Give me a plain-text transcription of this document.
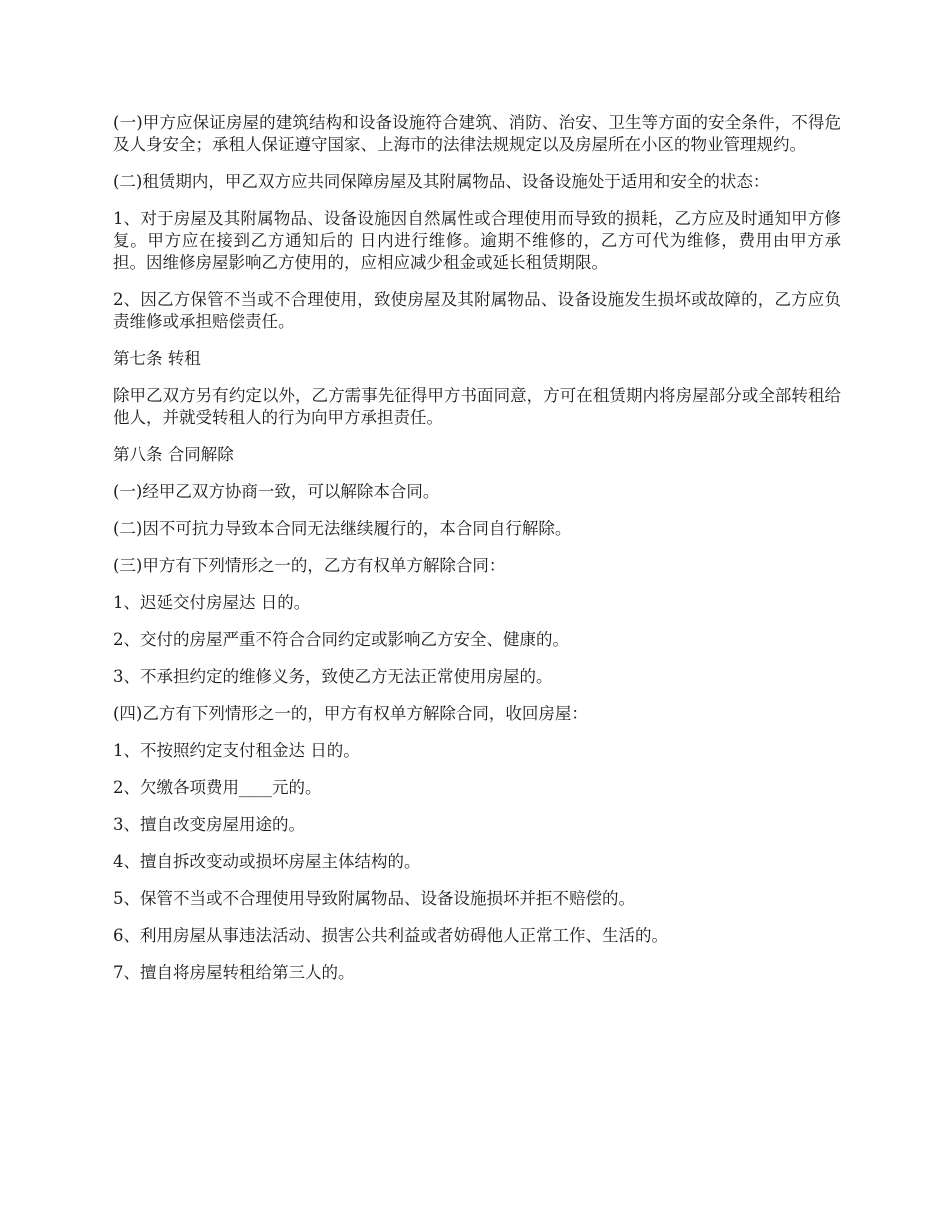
(一)甲方应保证房屋的建筑结构和设备设施符合建筑、消防、治安、卫生等方面的安全条件，不得危及人身安全；承租人保证遵守国家、上海市的法律法规规定以及房屋所在小区的物业管理规约。

(二)租赁期内，甲乙双方应共同保障房屋及其附属物品、设备设施处于适用和安全的状态：

1、对于房屋及其附属物品、设备设施因自然属性或合理使用而导致的损耗，乙方应及时通知甲方修复。甲方应在接到乙方通知后的 日内进行维修。逾期不维修的，乙方可代为维修，费用由甲方承担。因维修房屋影响乙方使用的，应相应减少租金或延长租赁期限。

2、因乙方保管不当或不合理使用，致使房屋及其附属物品、设备设施发生损坏或故障的，乙方应负责维修或承担赔偿责任。

第七条 转租

除甲乙双方另有约定以外，乙方需事先征得甲方书面同意，方可在租赁期内将房屋部分或全部转租给他人，并就受转租人的行为向甲方承担责任。

第八条 合同解除

(一)经甲乙双方协商一致，可以解除本合同。

(二)因不可抗力导致本合同无法继续履行的，本合同自行解除。

(三)甲方有下列情形之一的，乙方有权单方解除合同：

1、迟延交付房屋达 日的。

2、交付的房屋严重不符合合同约定或影响乙方安全、健康的。

3、不承担约定的维修义务，致使乙方无法正常使用房屋的。

(四)乙方有下列情形之一的，甲方有权单方解除合同，收回房屋：

1、不按照约定支付租金达 日的。

2、欠缴各项费用____元的。

3、擅自改变房屋用途的。

4、擅自拆改变动或损坏房屋主体结构的。

5、保管不当或不合理使用导致附属物品、设备设施损坏并拒不赔偿的。

6、利用房屋从事违法活动、损害公共利益或者妨碍他人正常工作、生活的。

7、擅自将房屋转租给第三人的。
